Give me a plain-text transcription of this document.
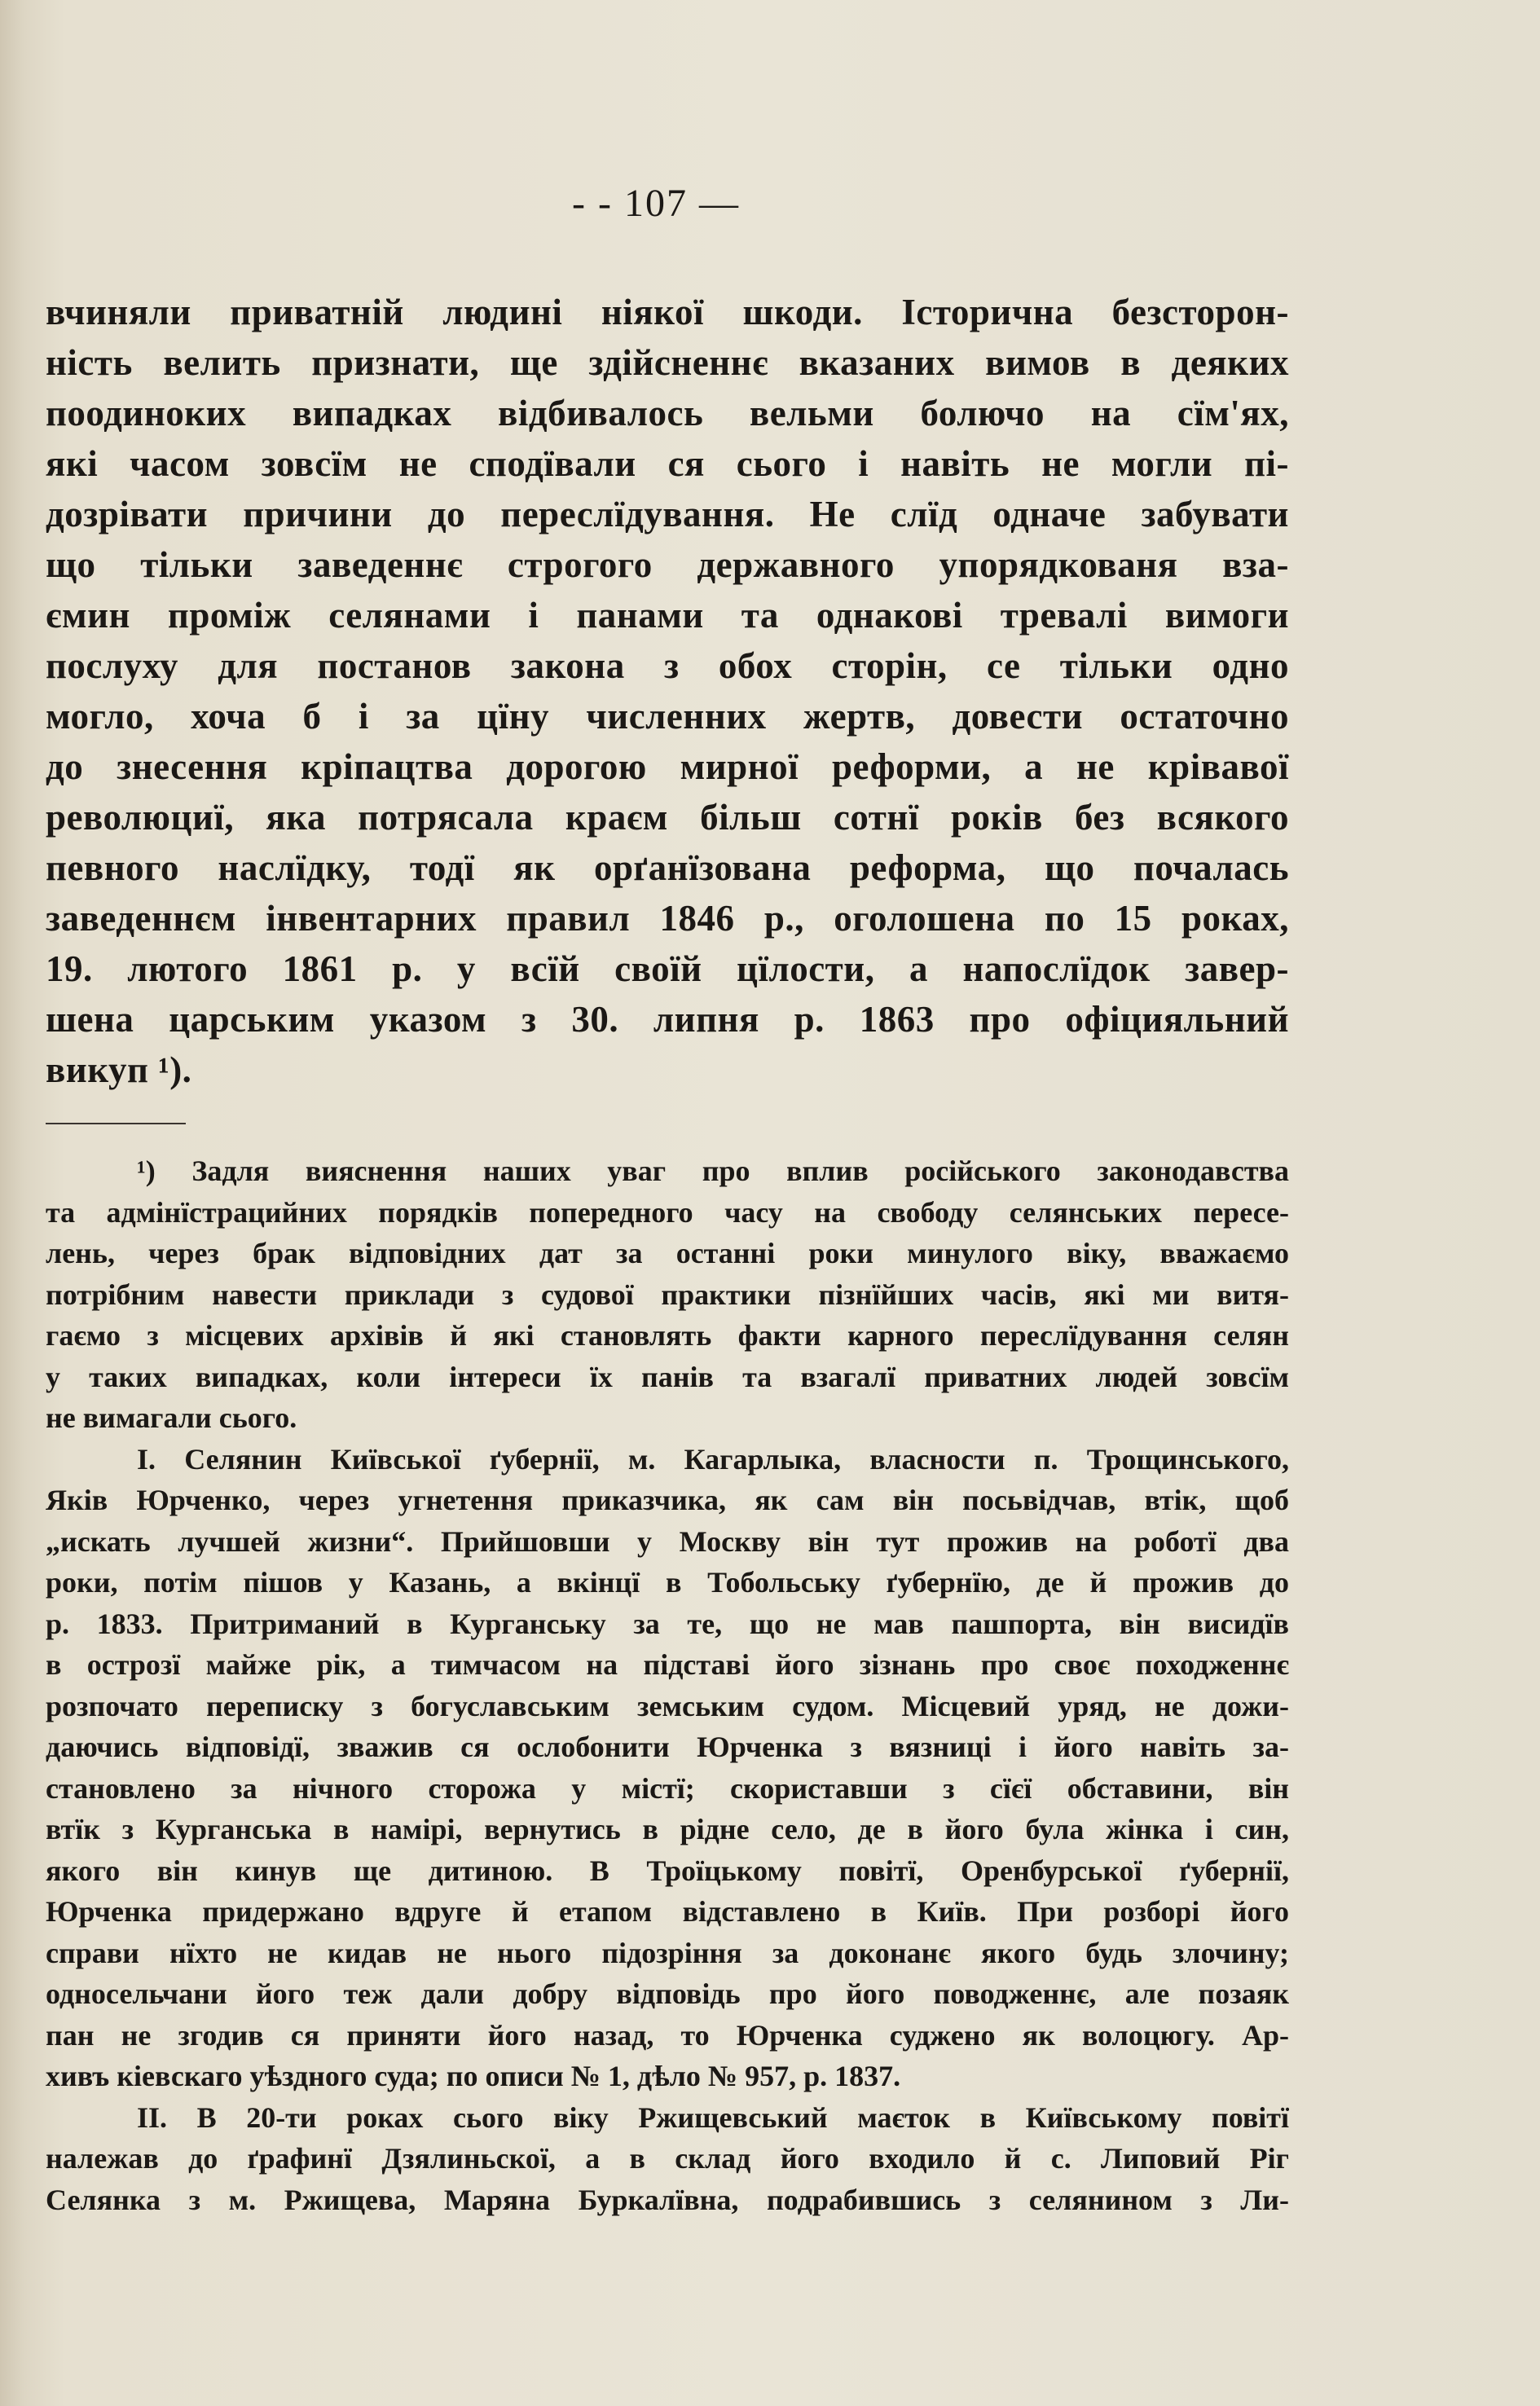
- - 107 —
вчиняли приватній людині ніякої шкоди. Історична безсторон-
ність велить признати, ще здійсненнє вказаних вимов в деяких
поодиноких випадках відбивалось вельми болючо на сїм'ях,
які часом зовсїм не сподївали ся сього і навіть не могли пі-
дозрівати причини до переслїдування. Не слїд одначе забувати
що тільки заведеннє строгого державного упорядкованя вза-
ємин проміж селянами і панами та однакові тревалі вимоги
послуху для постанов закона з обох сторін, се тільки одно
могло, хоча б і за цїну численних жертв, довести остаточно
до знесення кріпацтва дорогою мирної реформи, а не крівавої
революциї, яка потрясала краєм більш сотнї років без всякого
певного наслїдку, тодї як орґанїзована реформа, що почалась
заведеннєм інвентарних правил 1846 р., оголошена по 15 роках,
19. лютого 1861 р. у всїй своїй цїлости, а напослїдок завер-
шена царським указом з 30. липня р. 1863 про офіцияльний
викуп ¹).
¹) Задля вияснення наших уваг про вплив російського законодавства
та адмінїстрацийних порядків попередного часу на свободу селянських пересе-
лень, через брак відповідних дат за останні роки минулого віку, вважаємо
потрібним навести приклади з судової практики пізнїйших часів, які ми витя-
гаємо з місцевих архівів й які становлять факти карного переслїдування селян
у таких випадках, коли інтереси їх панів та взагалї приватних людей зовсїм
не вимагали сього.
I. Селянин Київської ґубернії, м. Кагарлыка, власности п. Трощинського,
Яків Юрченко, через угнетення приказчика, як сам він посьвідчав, втік, щоб
„искать лучшей жизни“. Прийшовши у Москву він тут прожив на роботї два
роки, потім пішов у Казань, а вкінцї в Тобольську ґубернїю, де й прожив до
р. 1833. Притриманий в Курганську за те, що не мав пашпорта, він висидїв
в острозї майже рік, а тимчасом на підставі його зізнань про своє походженнє
розпочато переписку з богуславським земським судом. Місцевий уряд, не дожи-
даючись відповідї, зважив ся ослобонити Юрченка з вязниці і його навіть за-
становлено за нічного сторожа у містї; скориставши з сїєї обставини, він
втїк з Курганська в намірі, вернутись в рідне село, де в його була жінка і син,
якого він кинув ще дитиною. В Троїцькому повітї, Оренбурської ґубернії,
Юрченка придержано вдруге й етапом відставлено в Київ. При розборі його
справи нїхто не кидав не нього підозріння за доконанє якого будь злочину;
односельчани його теж дали добру відповідь про його поводженнє, але позаяк
пан не згодив ся приняти його назад, то Юрченка суджено як волоцюгу. Ар-
хивъ кіевскаго уѣздного суда; по описи № 1, дѣло № 957, р. 1837.
II. В 20-ти роках сього віку Ржищевський маєток в Київському повітї
належав до ґрафинї Дзялиньскої, а в склад його входило й с. Липовий Ріг
Селянка з м. Ржищева, Маряна Буркалївна, подрабившись з селянином з Ли-
